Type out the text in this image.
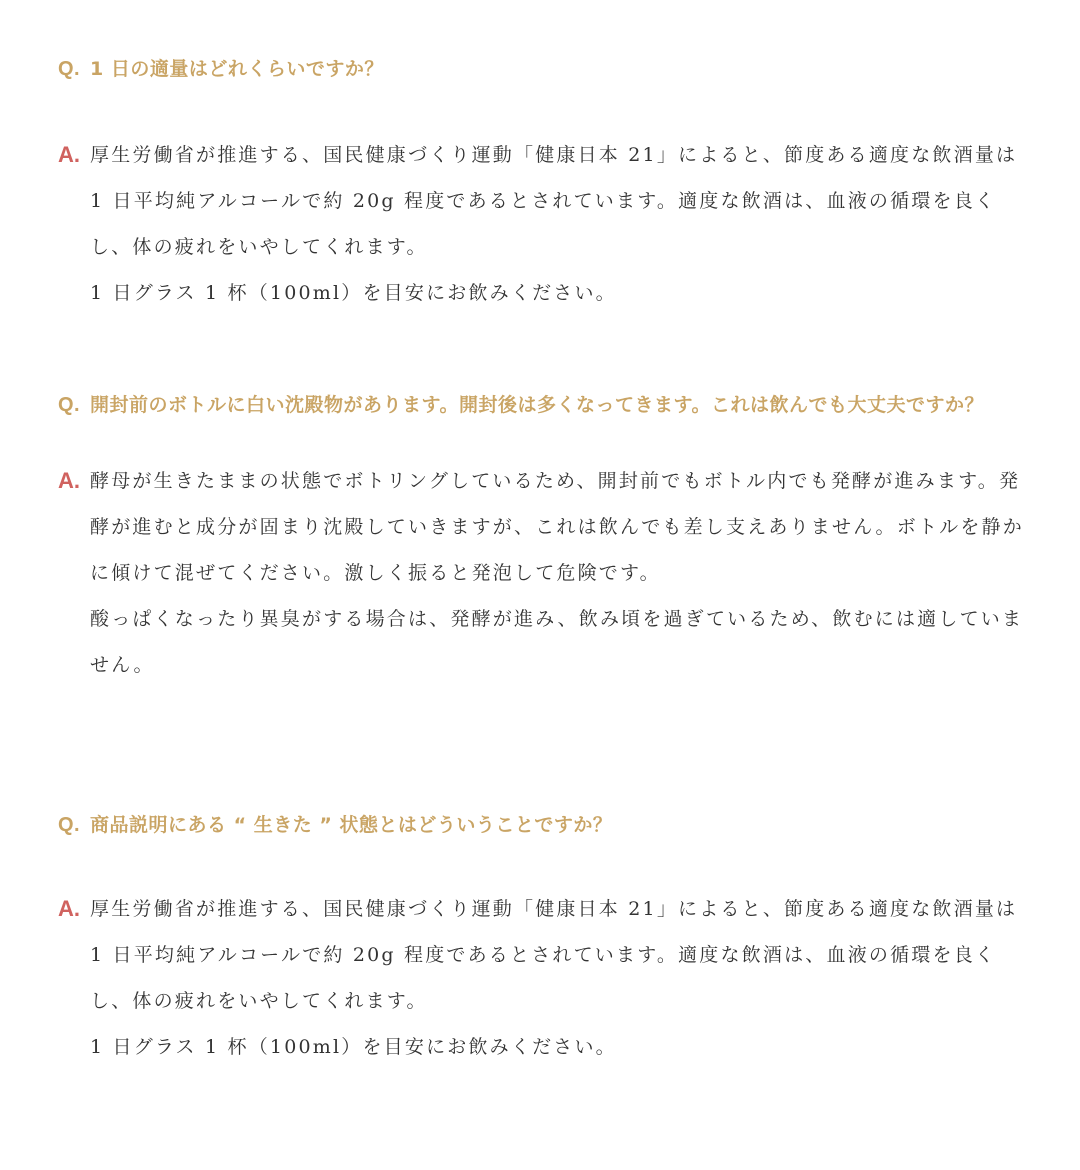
Q. 1 日の適量はどれくらいですか？
A. 厚生労働省が推進する、国民健康づくり運動「健康日本 21」によると、節度ある適度な飲酒量は 1 日平均純アルコールで約 20g 程度であるとされています。適度な飲酒は、血液の循環を良くし、体の疲れをいやしてくれます。

1 日グラス 1 杯（100ml）を目安にお飲みください。

Q. 開封前のボトルに白い沈殿物があります。開封後は多くなってきます。これは飲んでも大丈夫ですか？
A. 酵母が生きたままの状態でボトリングしているため、開封前でもボトル内でも発酵が進みます。発酵が進むと成分が固まり沈殿していきますが、これは飲んでも差し支えありません。ボトルを静かに傾けて混ぜてください。激しく振ると発泡して危険です。

酸っぱくなったり異臭がする場合は、発酵が進み、飲み頃を過ぎているため、飲むには適していません。

Q. 商品説明にある “ 生きた ” 状態とはどういうことですか？
A. 厚生労働省が推進する、国民健康づくり運動「健康日本 21」によると、節度ある適度な飲酒量は 1 日平均純アルコールで約 20g 程度であるとされています。適度な飲酒は、血液の循環を良くし、体の疲れをいやしてくれます。

1 日グラス 1 杯（100ml）を目安にお飲みください。
